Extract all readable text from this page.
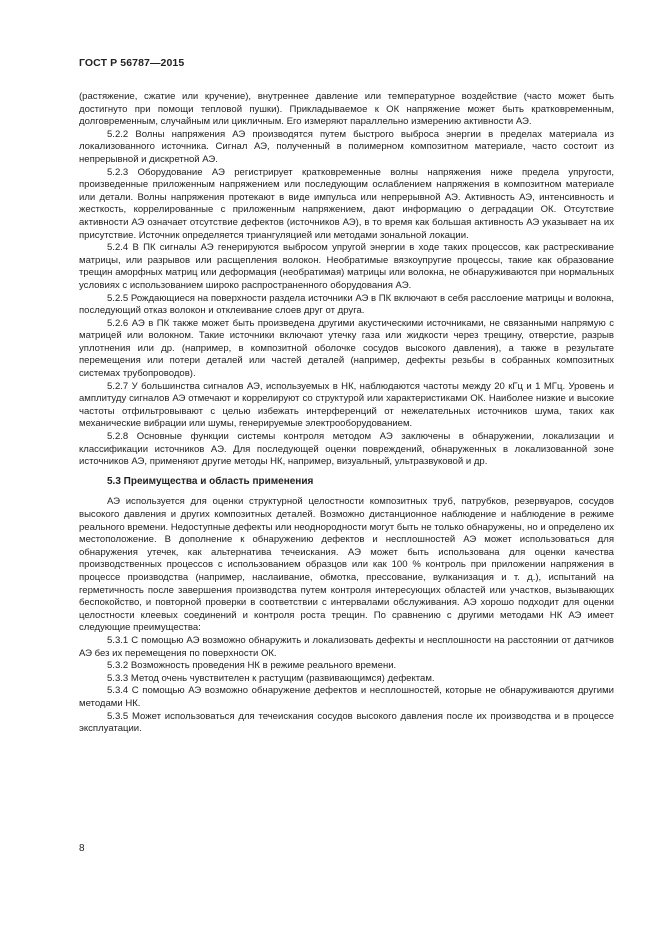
ГОСТ Р 56787—2015

(растяжение, сжатие или кручение), внутреннее давление или температурное воздействие (часто может быть достигнуто при помощи тепловой пушки). Прикладываемое к ОК напряжение может быть кратковременным, долговременным, случайным или цикличным. Его измеряют параллельно измерению активности АЭ.

5.2.2 Волны напряжения АЭ производятся путем быстрого выброса энергии в пределах материала из локализованного источника. Сигнал АЭ, полученный в полимерном композитном материале, часто состоит из непрерывной и дискретной АЭ.

5.2.3 Оборудование АЭ регистрирует кратковременные волны напряжения ниже предела упругости, произведенные приложенным напряжением или последующим ослаблением напряжения в композитном материале или детали. Волны напряжения протекают в виде импульса или непрерывной АЭ. Активность АЭ, интенсивность и жесткость, коррелированные с приложенным напряжением, дают информацию о деградации ОК. Отсутствие активности АЭ означает отсутствие дефектов (источников АЭ), в то время как большая активность АЭ указывает на их присутствие. Источник определяется триангуляцией или методами зональной локации.

5.2.4 В ПК сигналы АЭ генерируются выбросом упругой энергии в ходе таких процессов, как растрескивание матрицы, или разрывов или расщепления волокон. Необратимые вязкоупругие процессы, такие как образование трещин аморфных матриц или деформация (необратимая) матрицы или волокна, не обнаруживаются при нормальных условиях с использованием широко распространенного оборудования АЭ.

5.2.5 Рождающиеся на поверхности раздела источники АЭ в ПК включают в себя расслоение матрицы и волокна, последующий отказ волокон и отклеивание слоев друг от друга.

5.2.6 АЭ в ПК также может быть произведена другими акустическими источниками, не связанными напрямую с матрицей или волокном. Такие источники включают утечку газа или жидкости через трещину, отверстие, разрыв уплотнения или др. (например, в композитной оболочке сосудов высокого давления), а также в результате перемещения или потери деталей или частей деталей (например, дефекты резьбы в собранных композитных системах трубопроводов).

5.2.7 У большинства сигналов АЭ, используемых в НК, наблюдаются частоты между 20 кГц и 1 МГц. Уровень и амплитуду сигналов АЭ отмечают и коррелируют со структурой или характеристиками ОК. Наиболее низкие и высокие частоты отфильтровывают с целью избежать интерференций от нежелательных источников шума, таких как механические вибрации или шумы, генерируемые электрооборудованием.

5.2.8 Основные функции системы контроля методом АЭ заключены в обнаружении, локализации и классификации источников АЭ. Для последующей оценки повреждений, обнаруженных в локализованной зоне источников АЭ, применяют другие методы НК, например, визуальный, ультразвуковой и др.

5.3 Преимущества и область применения

АЭ используется для оценки структурной целостности композитных труб, патрубков, резервуаров, сосудов высокого давления и других композитных деталей. Возможно дистанционное наблюдение и наблюдение в режиме реального времени. Недоступные дефекты или неоднородности могут быть не только обнаружены, но и определено их местоположение. В дополнение к обнаружению дефектов и несплошностей АЭ может использоваться для обнаружения утечек, как альтернатива течеискания. АЭ может быть использована для оценки качества производственных процессов с использованием образцов или как 100 % контроль при приложении напряжения в процессе производства (например, наслаивание, обмотка, прессование, вулканизация и т. д.), испытаний на герметичность после завершения производства путем контроля интересующих областей или участков, вызывающих беспокойство, и повторной проверки в соответствии с интервалами обслуживания. АЭ хорошо подходит для оценки целостности клеевых соединений и контроля роста трещин. По сравнению с другими методами НК АЭ имеет следующие преимущества:

5.3.1 С помощью АЭ возможно обнаружить и локализовать дефекты и несплошности на расстоянии от датчиков АЭ без их перемещения по поверхности ОК.

5.3.2 Возможность проведения НК в режиме реального времени.

5.3.3 Метод очень чувствителен к растущим (развивающимся) дефектам.

5.3.4 С помощью АЭ возможно обнаружение дефектов и несплошностей, которые не обнаруживаются другими методами НК.

5.3.5 Может использоваться для течеискания сосудов высокого давления после их производства и в процессе эксплуатации.

8
